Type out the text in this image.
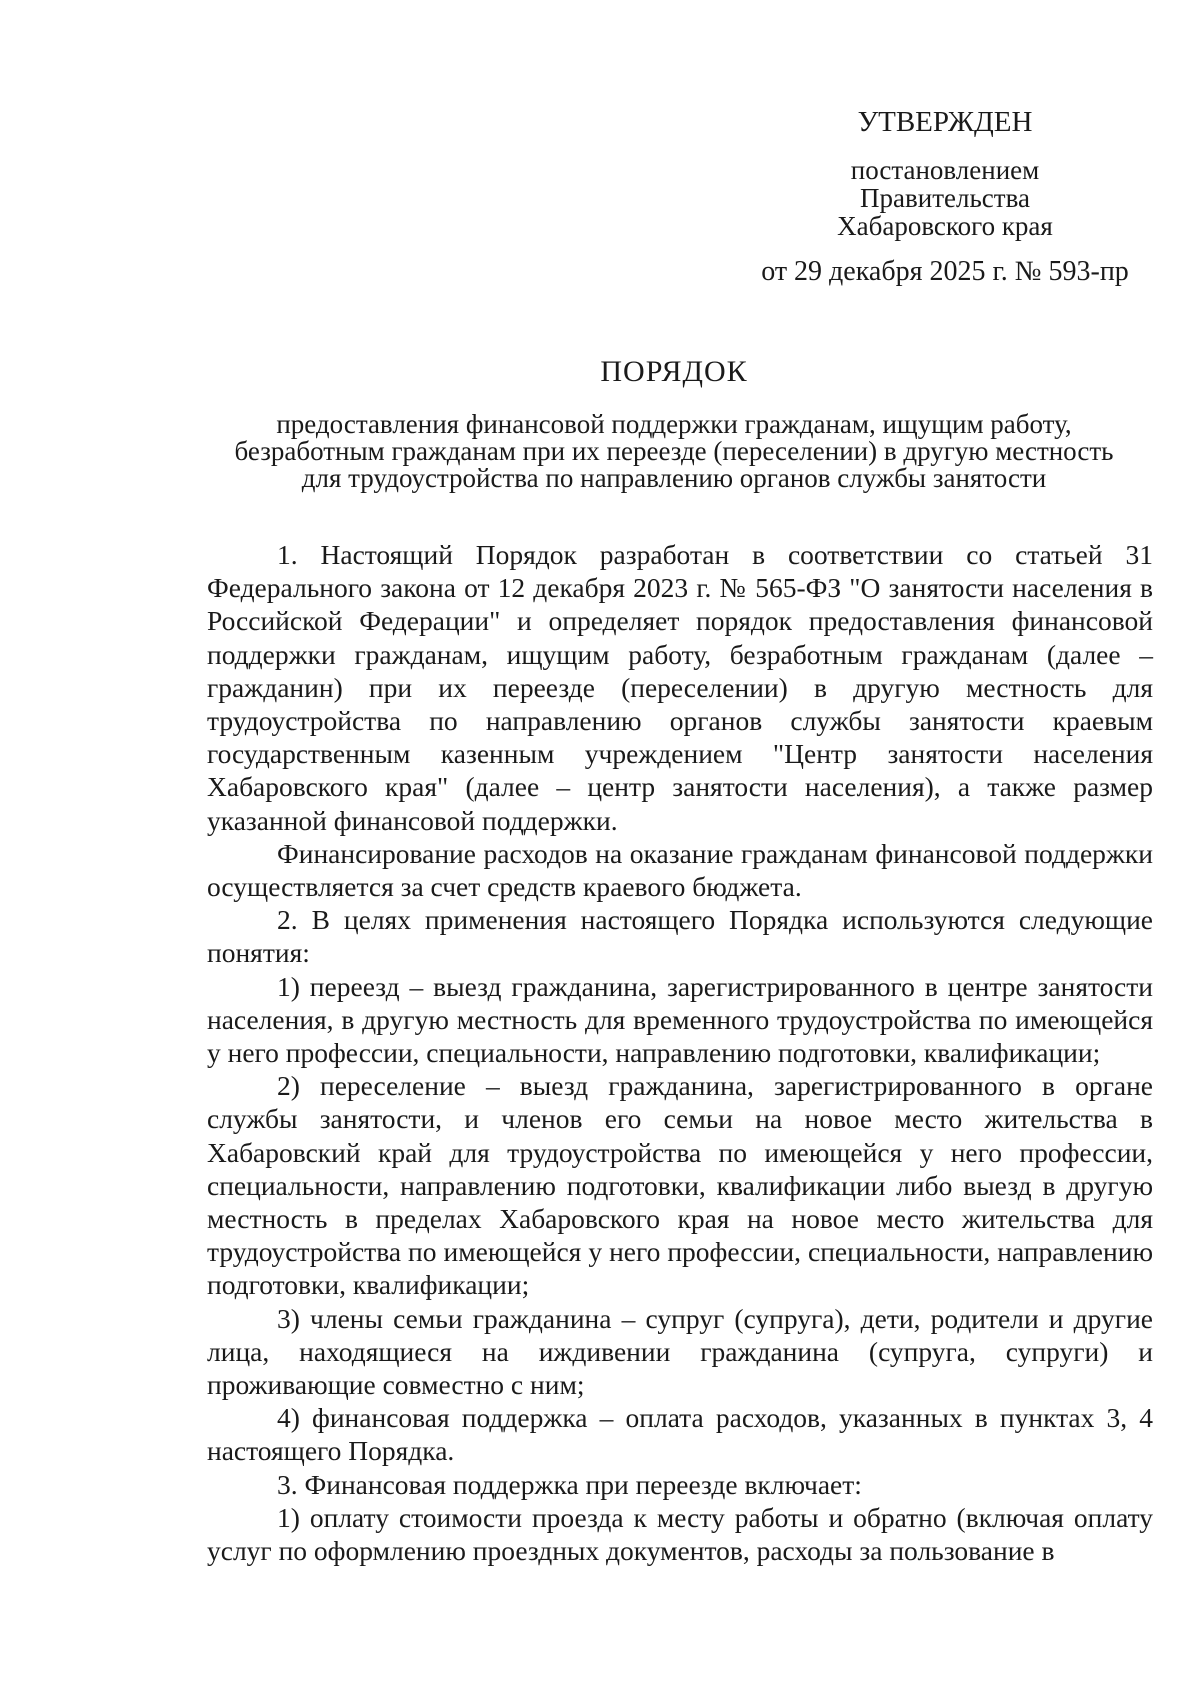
УТВЕРЖДЕН
постановлением
Правительства
Хабаровского края
от 29 декабря 2025 г. № 593-пр
ПОРЯДОК
предоставления финансовой поддержки гражданам, ищущим работу,
безработным гражданам при их переезде (переселении) в другую местность
для трудоустройства по направлению органов службы занятости

1. Настоящий Порядок разработан в соответствии со статьей 31 Федерального закона от 12 декабря 2023 г. № 565-ФЗ "О занятости населения в Российской Федерации" и определяет порядок предоставления финансовой поддержки гражданам, ищущим работу, безработным гражданам (далее – гражданин) при их переезде (переселении) в другую местность для трудоустройства по направлению органов службы занятости краевым государственным казенным учреждением "Центр занятости населения Хабаровского края" (далее – центр занятости населения), а также размер указанной финансовой поддержки.

Финансирование расходов на оказание гражданам финансовой поддержки осуществляется за счет средств краевого бюджета.

2. В целях применения настоящего Порядка используются следующие понятия:

1) переезд – выезд гражданина, зарегистрированного в центре занятости населения, в другую местность для временного трудоустройства по имеющейся у него профессии, специальности, направлению подготовки, квалификации;

2) переселение – выезд гражданина, зарегистрированного в органе службы занятости, и членов его семьи на новое место жительства в Хабаровский край для трудоустройства по имеющейся у него профессии, специальности, направлению подготовки, квалификации либо выезд в другую местность в пределах Хабаровского края на новое место жительства для трудоустройства по имеющейся у него профессии, специальности, направлению подготовки, квалификации;

3) члены семьи гражданина – супруг (супруга), дети, родители и другие лица, находящиеся на иждивении гражданина (супруга, супруги) и проживающие совместно с ним;

4) финансовая поддержка – оплата расходов, указанных в пунктах 3, 4 настоящего Порядка.

3. Финансовая поддержка при переезде включает:

1) оплату стоимости проезда к месту работы и обратно (включая оплату услуг по оформлению проездных документов, расходы за пользование в
